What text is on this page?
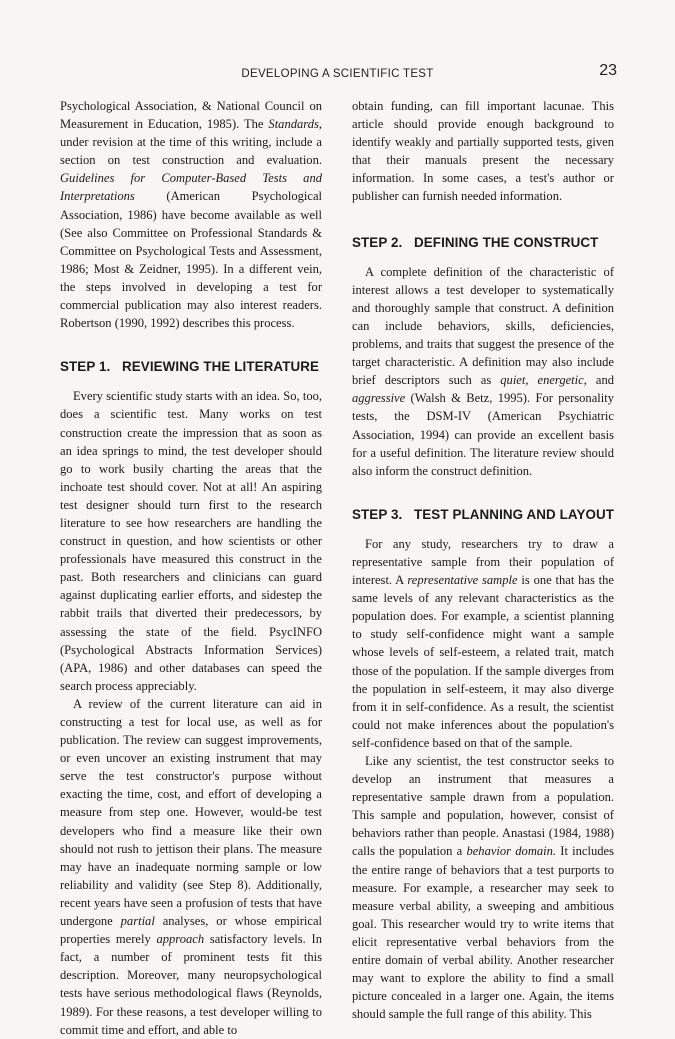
DEVELOPING A SCIENTIFIC TEST	23

Psychological Association, & National Council on Measurement in Education, 1985). The Standards, under revision at the time of this writing, include a section on test construction and evaluation. Guidelines for Computer-Based Tests and Interpretations (American Psychological Association, 1986) have become available as well (See also Committee on Professional Standards & Committee on Psychological Tests and Assessment, 1986; Most & Zeidner, 1995). In a different vein, the steps involved in developing a test for commercial publication may also interest readers. Robertson (1990, 1992) describes this process.

STEP 1. REVIEWING THE LITERATURE

Every scientific study starts with an idea. So, too, does a scientific test. Many works on test construction create the impression that as soon as an idea springs to mind, the test developer should go to work busily charting the areas that the inchoate test should cover. Not at all! An aspiring test designer should turn first to the research literature to see how researchers are handling the construct in question, and how scientists or other professionals have measured this construct in the past. Both researchers and clinicians can guard against duplicating earlier efforts, and sidestep the rabbit trails that diverted their predecessors, by assessing the state of the field. PsycINFO (Psychological Abstracts Information Services) (APA, 1986) and other databases can speed the search process appreciably.

A review of the current literature can aid in constructing a test for local use, as well as for publication. The review can suggest improvements, or even uncover an existing instrument that may serve the test constructor's purpose without exacting the time, cost, and effort of developing a measure from step one. However, would-be test developers who find a measure like their own should not rush to jettison their plans. The measure may have an inadequate norming sample or low reliability and validity (see Step 8). Additionally, recent years have seen a profusion of tests that have undergone partial analyses, or whose empirical properties merely approach satisfactory levels. In fact, a number of prominent tests fit this description. Moreover, many neuropsychological tests have serious methodological flaws (Reynolds, 1989). For these reasons, a test developer willing to commit time and effort, and able to

obtain funding, can fill important lacunae. This article should provide enough background to identify weakly and partially supported tests, given that their manuals present the necessary information. In some cases, a test's author or publisher can furnish needed information.

STEP 2. DEFINING THE CONSTRUCT

A complete definition of the characteristic of interest allows a test developer to systematically and thoroughly sample that construct. A definition can include behaviors, skills, deficiencies, problems, and traits that suggest the presence of the target characteristic. A definition may also include brief descriptors such as quiet, energetic, and aggressive (Walsh & Betz, 1995). For personality tests, the DSM-IV (American Psychiatric Association, 1994) can provide an excellent basis for a useful definition. The literature review should also inform the construct definition.

STEP 3. TEST PLANNING AND LAYOUT

For any study, researchers try to draw a representative sample from their population of interest. A representative sample is one that has the same levels of any relevant characteristics as the population does. For example, a scientist planning to study self-confidence might want a sample whose levels of self-esteem, a related trait, match those of the population. If the sample diverges from the population in self-esteem, it may also diverge from it in self-confidence. As a result, the scientist could not make inferences about the population's self-confidence based on that of the sample.

Like any scientist, the test constructor seeks to develop an instrument that measures a representative sample drawn from a population. This sample and population, however, consist of behaviors rather than people. Anastasi (1984, 1988) calls the population a behavior domain. It includes the entire range of behaviors that a test purports to measure. For example, a researcher may seek to measure verbal ability, a sweeping and ambitious goal. This researcher would try to write items that elicit representative verbal behaviors from the entire domain of verbal ability. Another researcher may want to explore the ability to find a small picture concealed in a larger one. Again, the items should sample the full range of this ability. This
